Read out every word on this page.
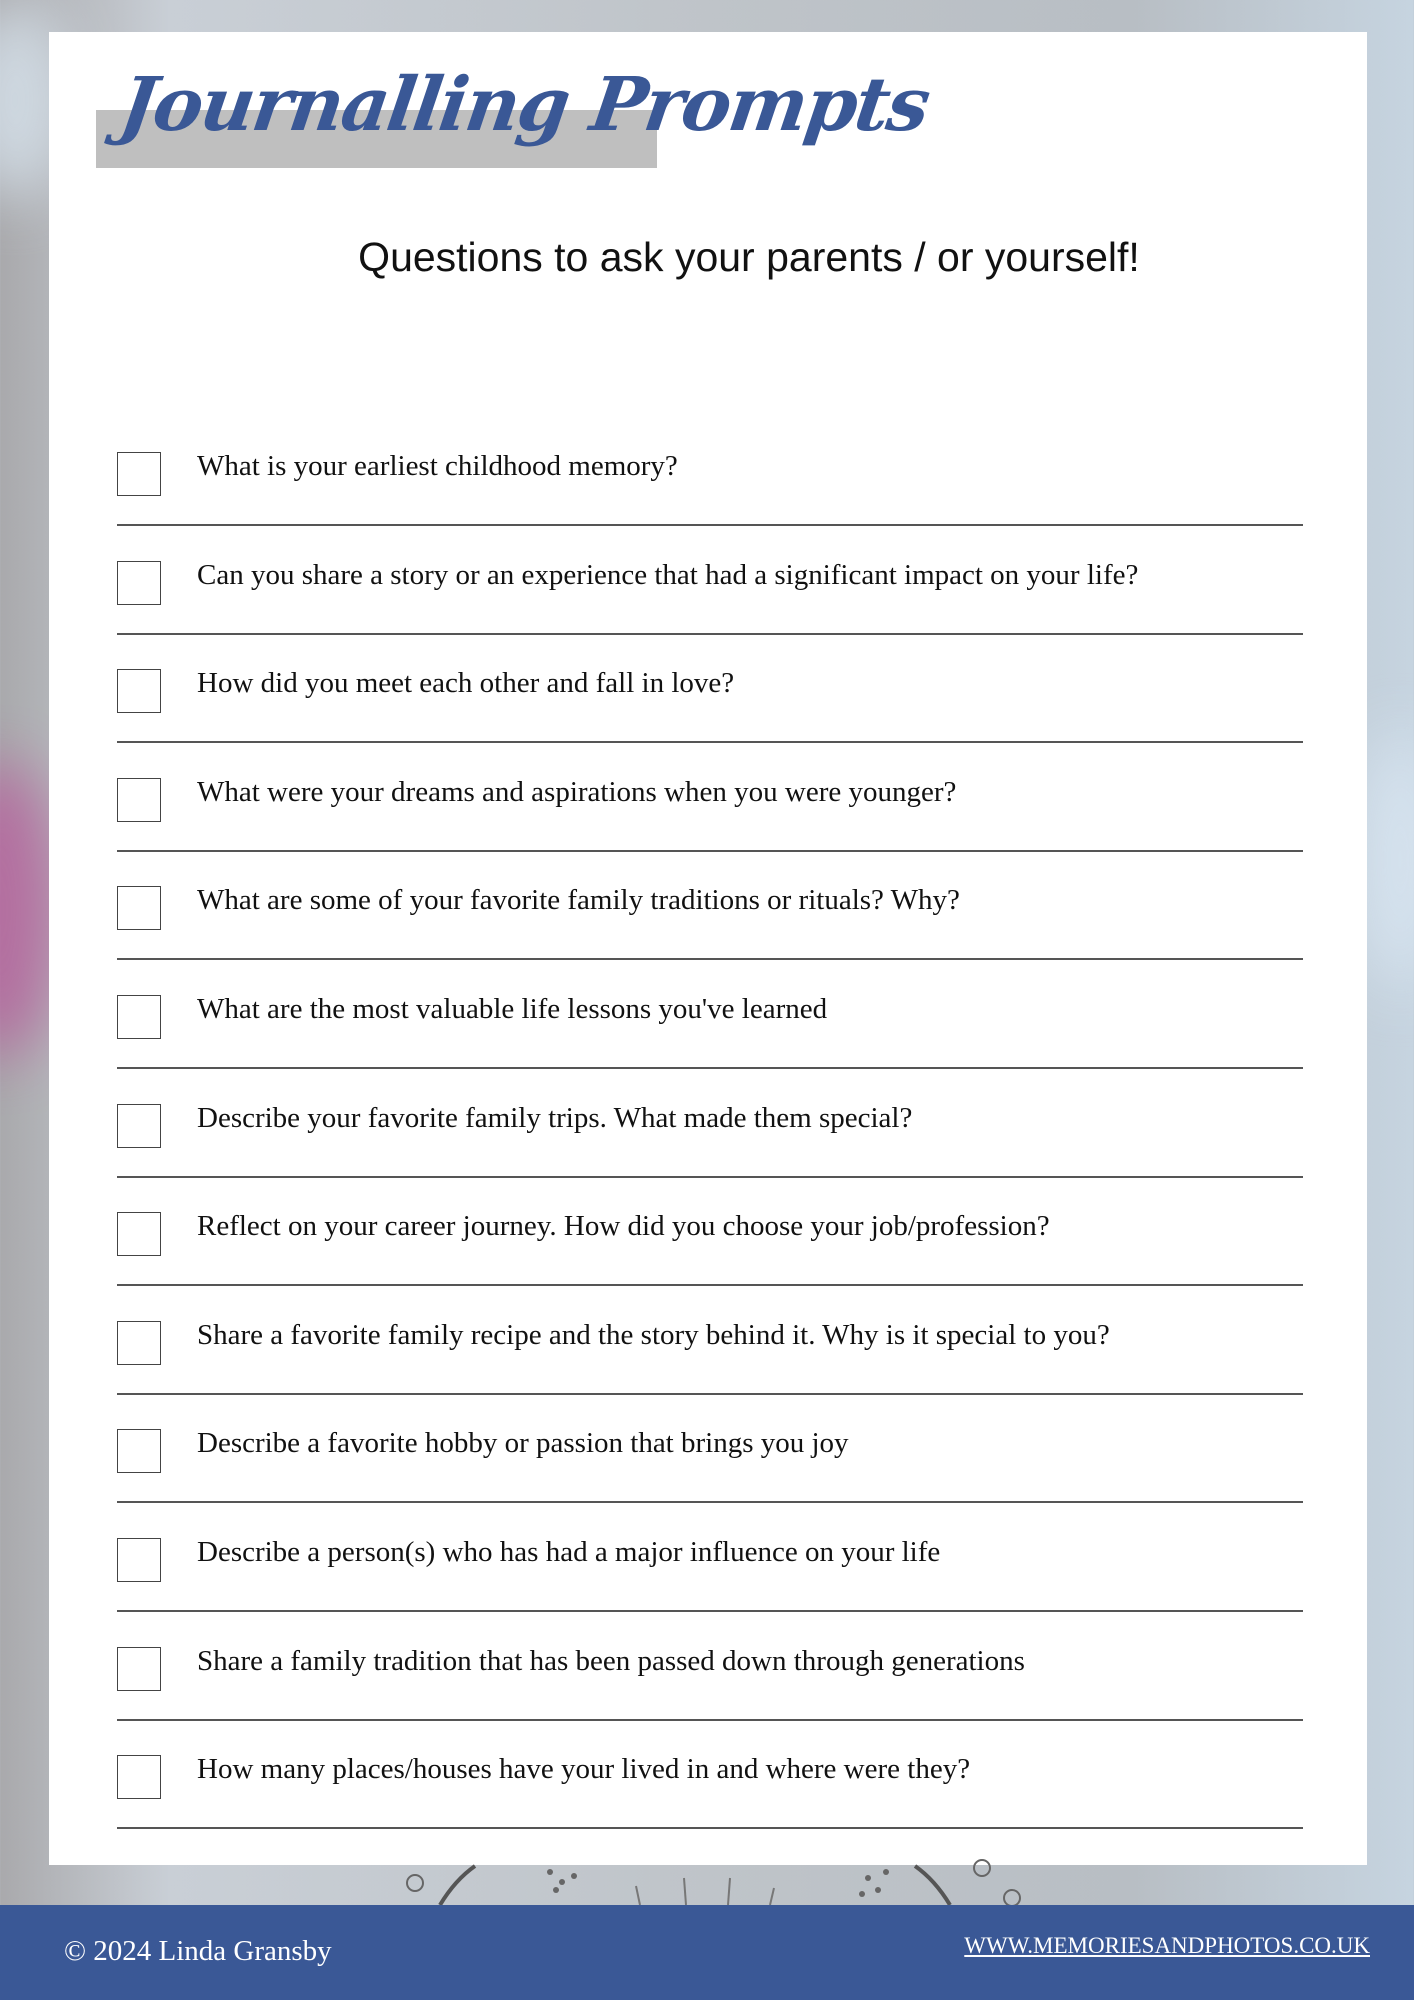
Journalling Prompts
Questions to ask your parents / or yourself!
What is your earliest childhood memory?
Can you share a story or an experience that had a significant impact on your life?
How did you meet each other and fall in love?
What were your dreams and aspirations when you were younger?
What are some of your favorite family traditions or rituals? Why?
What are the most valuable life lessons you've learned
Describe your favorite family trips. What made them special?
Reflect on your career journey. How did you choose your job/profession?
Share a favorite family recipe and the story behind it. Why is it special to you?
Describe a favorite hobby or passion that brings you joy
Describe a person(s) who has had a major influence on your life
Share a family tradition that has been passed down through generations
How many places/houses have your lived in and where were they?
© 2024 Linda Gransby	WWW.MEMORIESANDPHOTOS.CO.UK
